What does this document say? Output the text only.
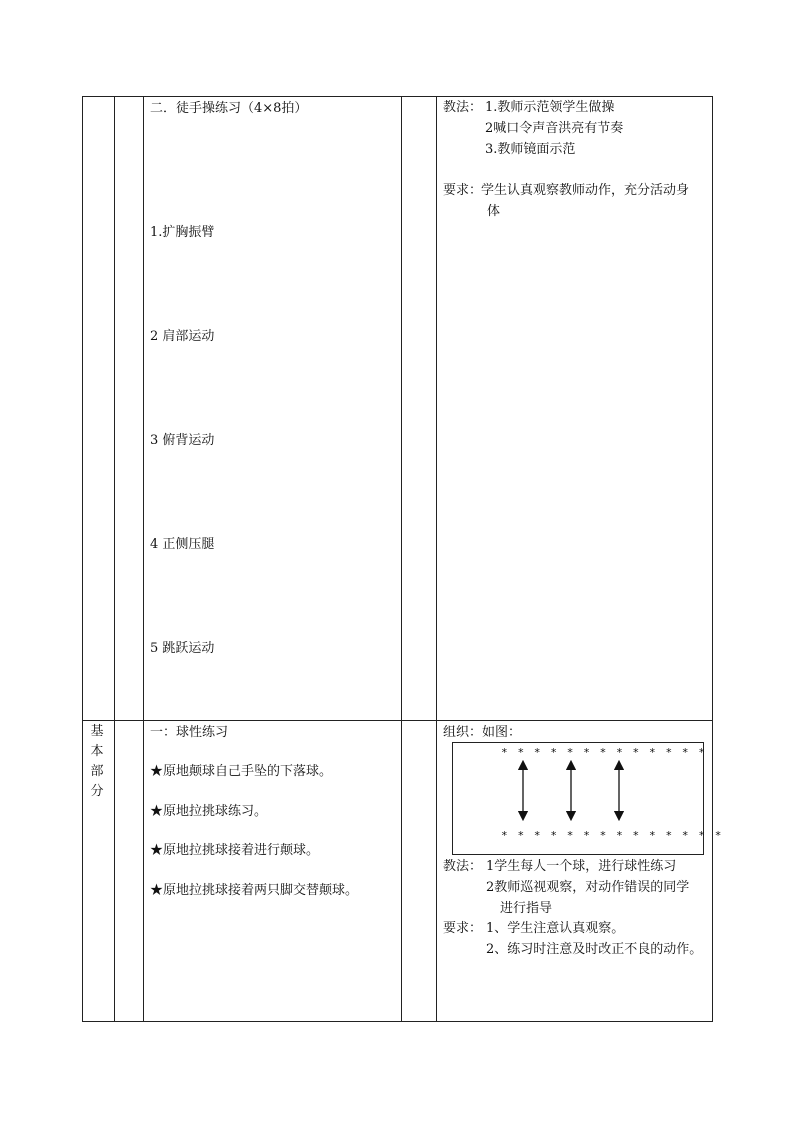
二．徒手操练习（4×8拍）
1.扩胸振臂
2 肩部运动
3 俯背运动
4 正侧压腿
5 跳跃运动
教法： 1.教师示范领学生做操
2喊口令声音洪亮有节奏
3.教师镜面示范
要求：
学生认真观察教师动作，充分活动身
体
基
本
部
分
一：球性练习
★原地颠球自己手坠的下落球。
★原地拉挑球练习。
★原地拉挑球接着进行颠球。
★原地拉挑球接着两只脚交替颠球。
组织：如图：
* * * * * * * * * * * * *
* * * * * * * * * * * * * *
教法： 1学生每人一个球，进行球性练习
2教师巡视观察，对动作错误的同学
进行指导
要求： 1、学生注意认真观察。
2、练习时注意及时改正不良的动作。
